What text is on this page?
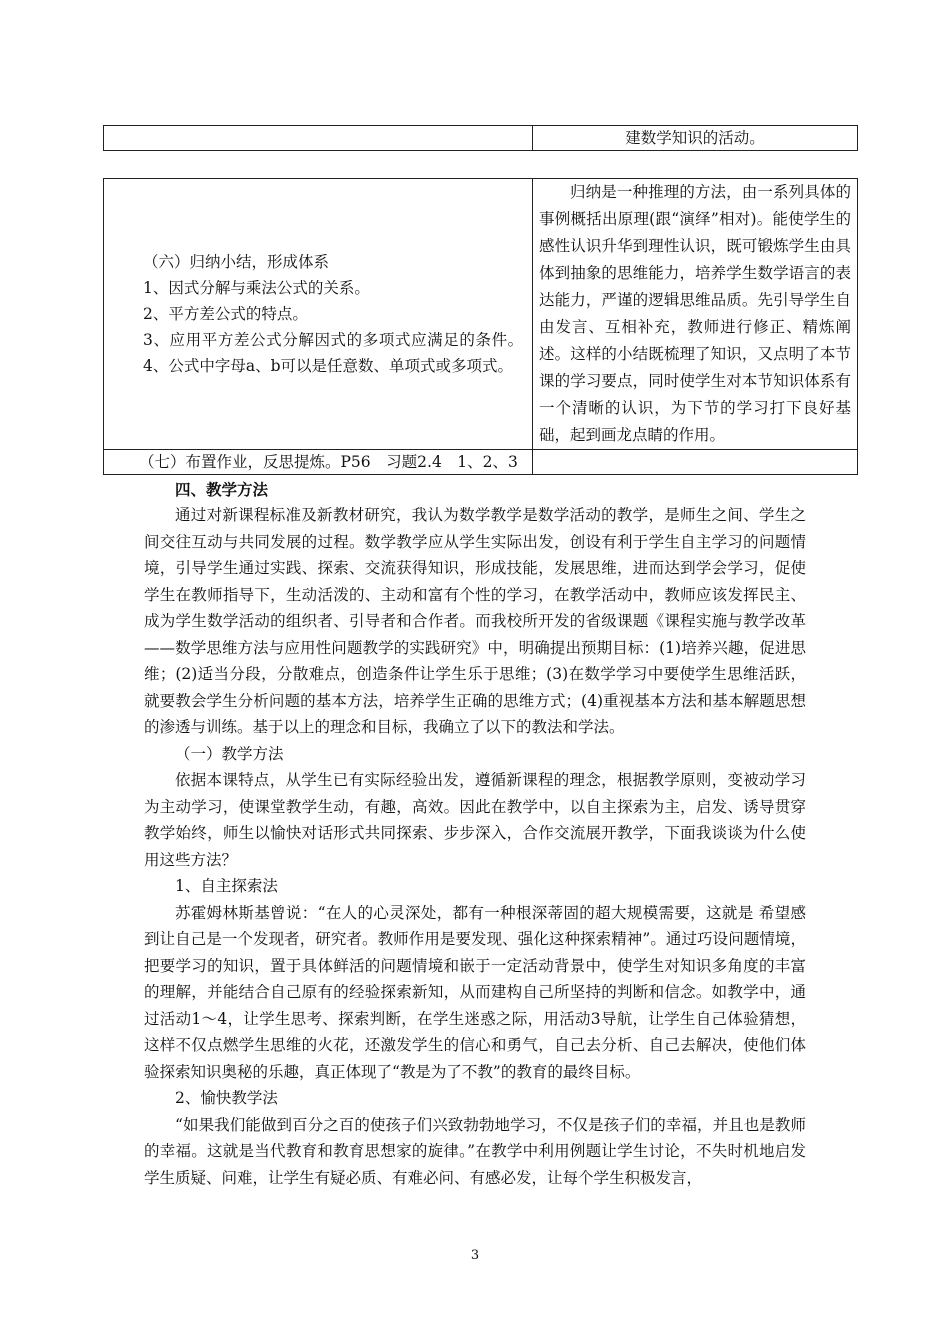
	建数学知识的活动。
（六）归纳小结，形成体系
1、因式分解与乘法公式的关系。
2、平方差公式的特点。
3、应用平方差公式分解因式的多项式应满足的条件。
4、公式中字母a、b可以是任意数、单项式或多项式。	归纳是一种推理的方法，由一系列具体的事例概括出原理(跟“演绎”相对)。能使学生的感性认识升华到理性认识，既可锻炼学生由具体到抽象的思维能力，培养学生数学语言的表达能力，严谨的逻辑思维品质。先引导学生自由发言、互相补充，教师进行修正、精炼阐述。这样的小结既梳理了知识，又点明了本节课的学习要点，同时使学生对本节知识体系有一个清晰的认识，为下节的学习打下良好基础，起到画龙点睛的作用。

（七）布置作业，反思提炼。P56　习题2.4　1、2、3	

四、教学方法

通过对新课程标准及新教材研究，我认为数学教学是数学活动的教学，是师生之间、学生之间交往互动与共同发展的过程。数学教学应从学生实际出发，创设有利于学生自主学习的问题情境，引导学生通过实践、探索、交流获得知识，形成技能，发展思维，进而达到学会学习，促使学生在教师指导下，生动活泼的、主动和富有个性的学习，在教学活动中，教师应该发挥民主、成为学生数学活动的组织者、引导者和合作者。而我校所开发的省级课题《课程实施与教学改革——数学思维方法与应用性问题教学的实践研究》中，明确提出预期目标：(1)培养兴趣，促进思维；(2)适当分段，分散难点，创造条件让学生乐于思维；(3)在数学学习中要使学生思维活跃，就要教会学生分析问题的基本方法，培养学生正确的思维方式；(4)重视基本方法和基本解题思想的渗透与训练。基于以上的理念和目标，我确立了以下的教法和学法。

（一）教学方法

依据本课特点，从学生已有实际经验出发，遵循新课程的理念，根据教学原则，变被动学习为主动学习，使课堂教学生动，有趣，高效。因此在教学中，以自主探索为主，启发、诱导贯穿教学始终，师生以愉快对话形式共同探索、步步深入，合作交流展开教学，下面我谈谈为什么使用这些方法？

1、自主探索法

苏霍姆林斯基曾说：“在人的心灵深处，都有一种根深蒂固的超大规模需要，这就是 希望感到让自己是一个发现者，研究者。教师作用是要发现、强化这种探索精神”。通过巧设问题情境，把要学习的知识，置于具体鲜活的问题情境和嵌于一定活动背景中，使学生对知识多角度的丰富的理解，并能结合自己原有的经验探索新知，从而建构自己所坚持的判断和信念。如教学中，通过活动1～4，让学生思考、探索判断，在学生迷惑之际，用活动3导航，让学生自己体验猜想，这样不仅点燃学生思维的火花，还激发学生的信心和勇气，自己去分析、自己去解决，使他们体验探索知识奥秘的乐趣，真正体现了“教是为了不教”的教育的最终目标。

2、愉快教学法

“如果我们能做到百分之百的使孩子们兴致勃勃地学习，不仅是孩子们的幸福，并且也是教师的幸福。这就是当代教育和教育思想家的旋律。”在教学中利用例题让学生讨论，不失时机地启发学生质疑、问难，让学生有疑必质、有难必问、有感必发，让每个学生积极发言，

3
